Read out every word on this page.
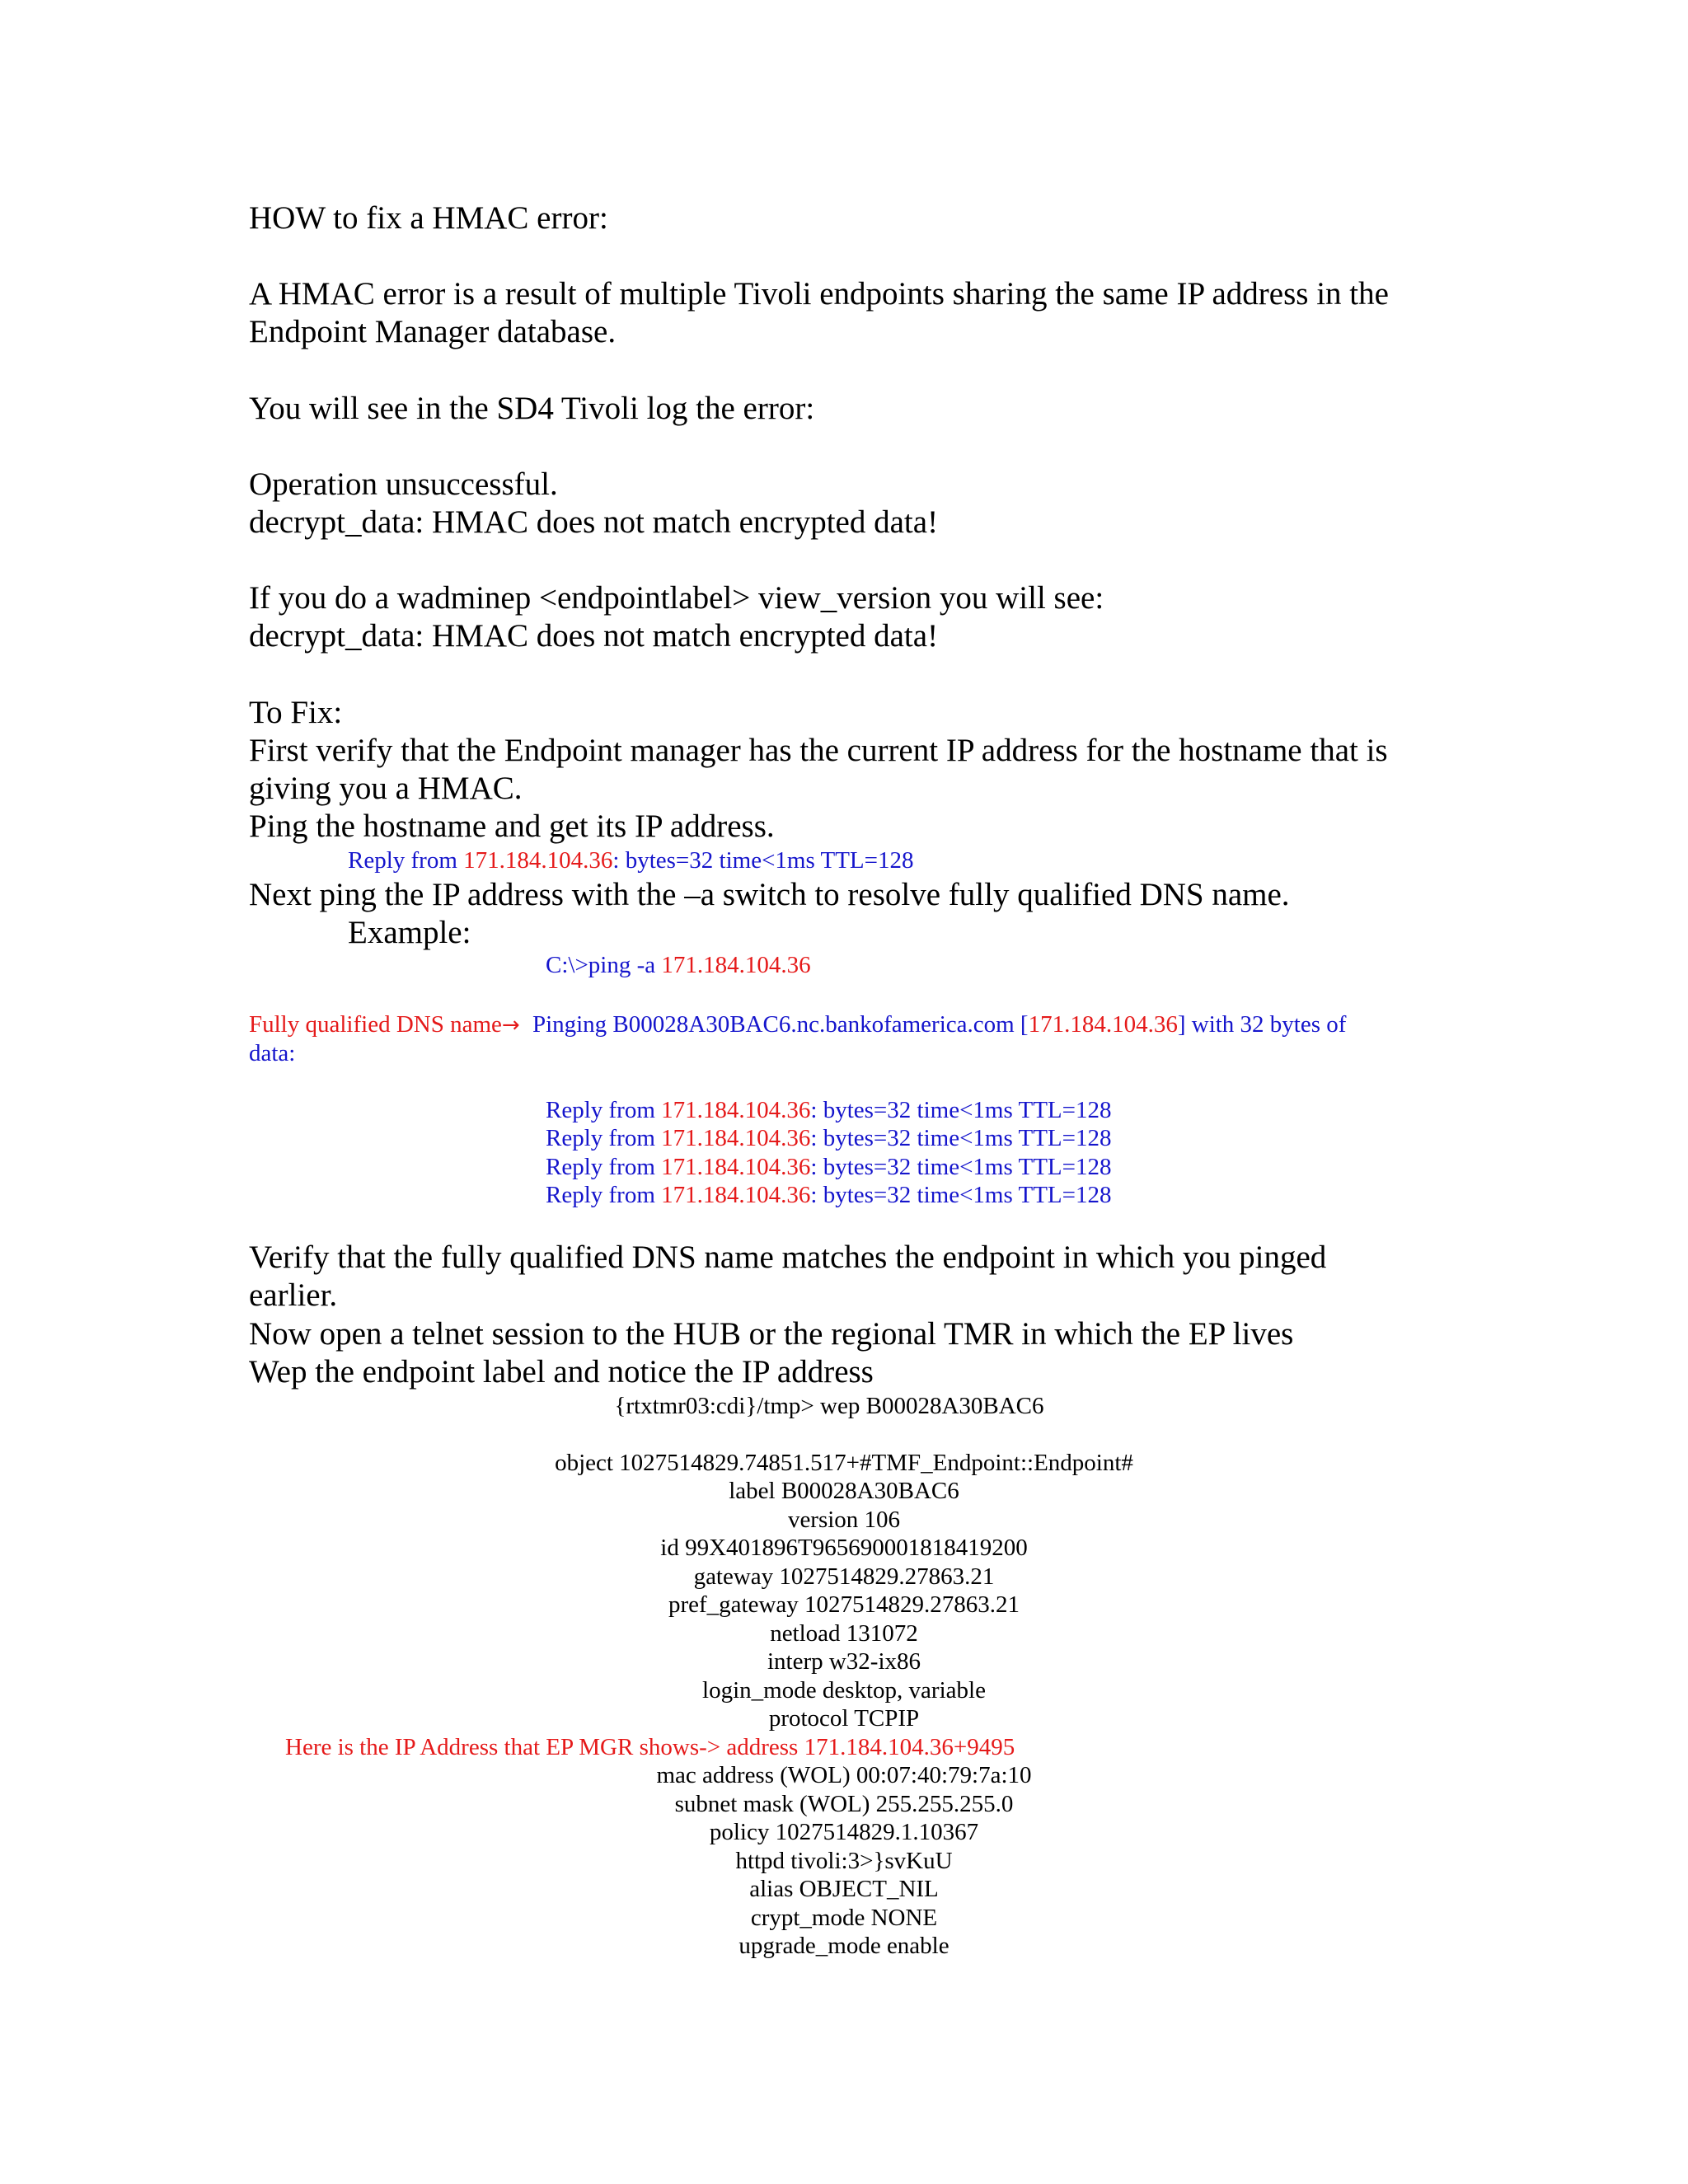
HOW to fix a HMAC error:
A HMAC error is a result of multiple Tivoli endpoints sharing the same IP address in the
Endpoint Manager database.
You will see in the SD4 Tivoli log the error:
Operation unsuccessful.
decrypt_data: HMAC does not match encrypted data!
If you do a wadminep <endpointlabel> view_version you will see:
decrypt_data: HMAC does not match encrypted data!
To Fix:
First verify that the Endpoint manager has the current IP address for the hostname that is
giving you a HMAC.
Ping the hostname and get its IP address.
Reply from 171.184.104.36: bytes=32 time<1ms TTL=128
Next ping the IP address with the –a switch to resolve fully qualified DNS name.
Example:
C:\>ping -a 171.184.104.36
Fully qualified DNS name→ Pinging B00028A30BAC6.nc.bankofamerica.com [171.184.104.36] with 32 bytes of
data:
Reply from 171.184.104.36: bytes=32 time<1ms TTL=128
Reply from 171.184.104.36: bytes=32 time<1ms TTL=128
Reply from 171.184.104.36: bytes=32 time<1ms TTL=128
Reply from 171.184.104.36: bytes=32 time<1ms TTL=128
Verify that the fully qualified DNS name matches the endpoint in which you pinged
earlier.
Now open a telnet session to the HUB or the regional TMR in which the EP lives
Wep the endpoint label and notice the IP address
{rtxtmr03:cdi}/tmp> wep B00028A30BAC6
object 1027514829.74851.517+#TMF_Endpoint::Endpoint#
label B00028A30BAC6
version 106
id 99X401896T965690001818419200
gateway 1027514829.27863.21
pref_gateway 1027514829.27863.21
netload 131072
interp w32-ix86
login_mode desktop, variable
protocol TCPIP
Here is the IP Address that EP MGR shows-> address 171.184.104.36+9495
mac address (WOL) 00:07:40:79:7a:10
subnet mask (WOL) 255.255.255.0
policy 1027514829.1.10367
httpd tivoli:3>}svKuU
alias OBJECT_NIL
crypt_mode NONE
upgrade_mode enable
